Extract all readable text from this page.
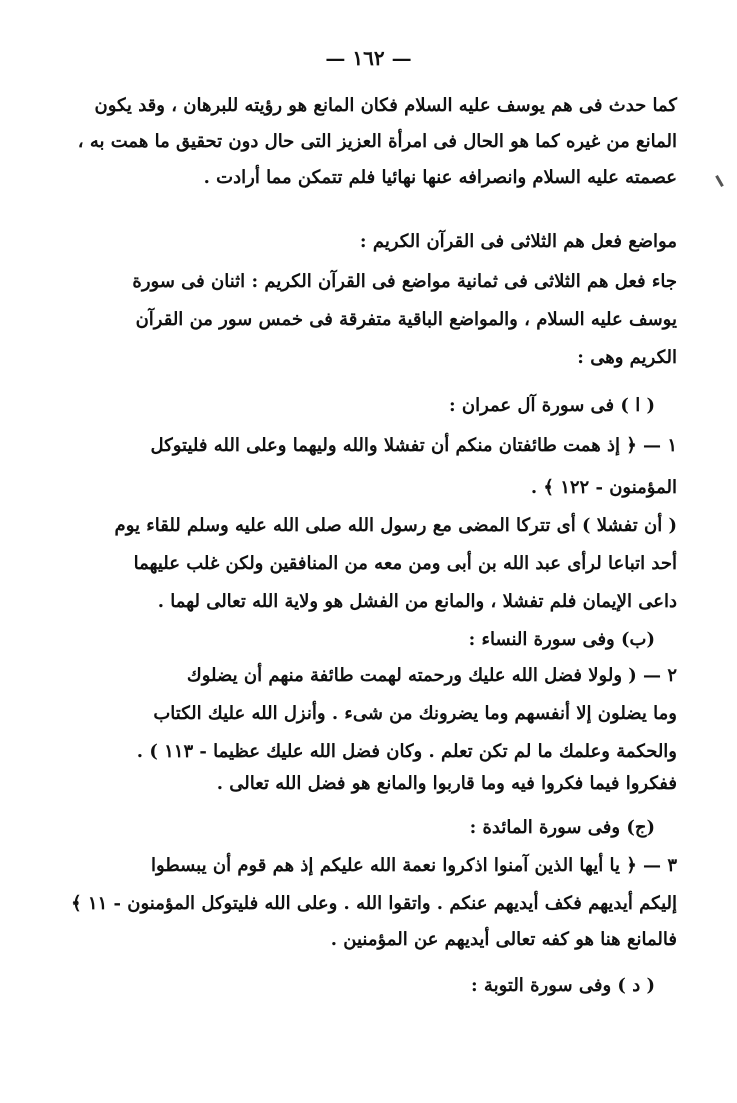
— ١٦٢ —
كما حدث فى هم يوسف عليه السلام فكان المانع هو رؤيته للبرهان ، وقد يكون
المانع من غيره كما هو الحال فى امرأة العزيز التى حال دون تحقيق ما همت به ،
عصمته عليه السلام وانصرافه عنها نهائيا فلم تتمكن مما أرادت .
مواضع فعل هم الثلاثى فى القرآن الكريم :
جاء فعل هم الثلاثى فى ثمانية مواضع فى القرآن الكريم : اثنان فى سورة
يوسف عليه السلام ، والمواضع الباقية متفرقة فى خمس سور من القرآن
الكريم وهى :
( ا ) فى سورة آل عمران :
١ — ﴿ إذ همت طائفتان منكم أن تفشلا والله وليهما وعلى الله فليتوكل
المؤمنون - ١٢٢ ﴾ .
( أن تفشلا ) أى تتركا المضى مع رسول الله صلى الله عليه وسلم للقاء يوم
أحد اتباعا لرأى عبد الله بن أبى ومن معه من المنافقين ولكن غلب عليهما
داعى الإيمان فلم تفشلا ، والمانع من الفشل هو ولاية الله تعالى لهما .
(ب) وفى سورة النساء :
٢ — ( ولولا فضل الله عليك ورحمته لهمت طائفة منهم أن يضلوك
وما يضلون إلا أنفسهم وما يضرونك من شىء . وأنزل الله عليك الكتاب
والحكمة وعلمك ما لم تكن تعلم . وكان فضل الله عليك عظيما - ١١٣ ) .
ففكروا فيما فكروا فيه وما قاربوا والمانع هو فضل الله تعالى .
(ج) وفى سورة المائدة :
٣ — ﴿ يا أيها الذين آمنوا اذكروا نعمة الله عليكم إذ هم قوم أن يبسطوا
إليكم أيديهم فكف أيديهم عنكم . واتقوا الله . وعلى الله فليتوكل المؤمنون - ١١ ﴾
فالمانع هنا هو كفه تعالى أيديهم عن المؤمنين .
( د ) وفى سورة التوبة :
